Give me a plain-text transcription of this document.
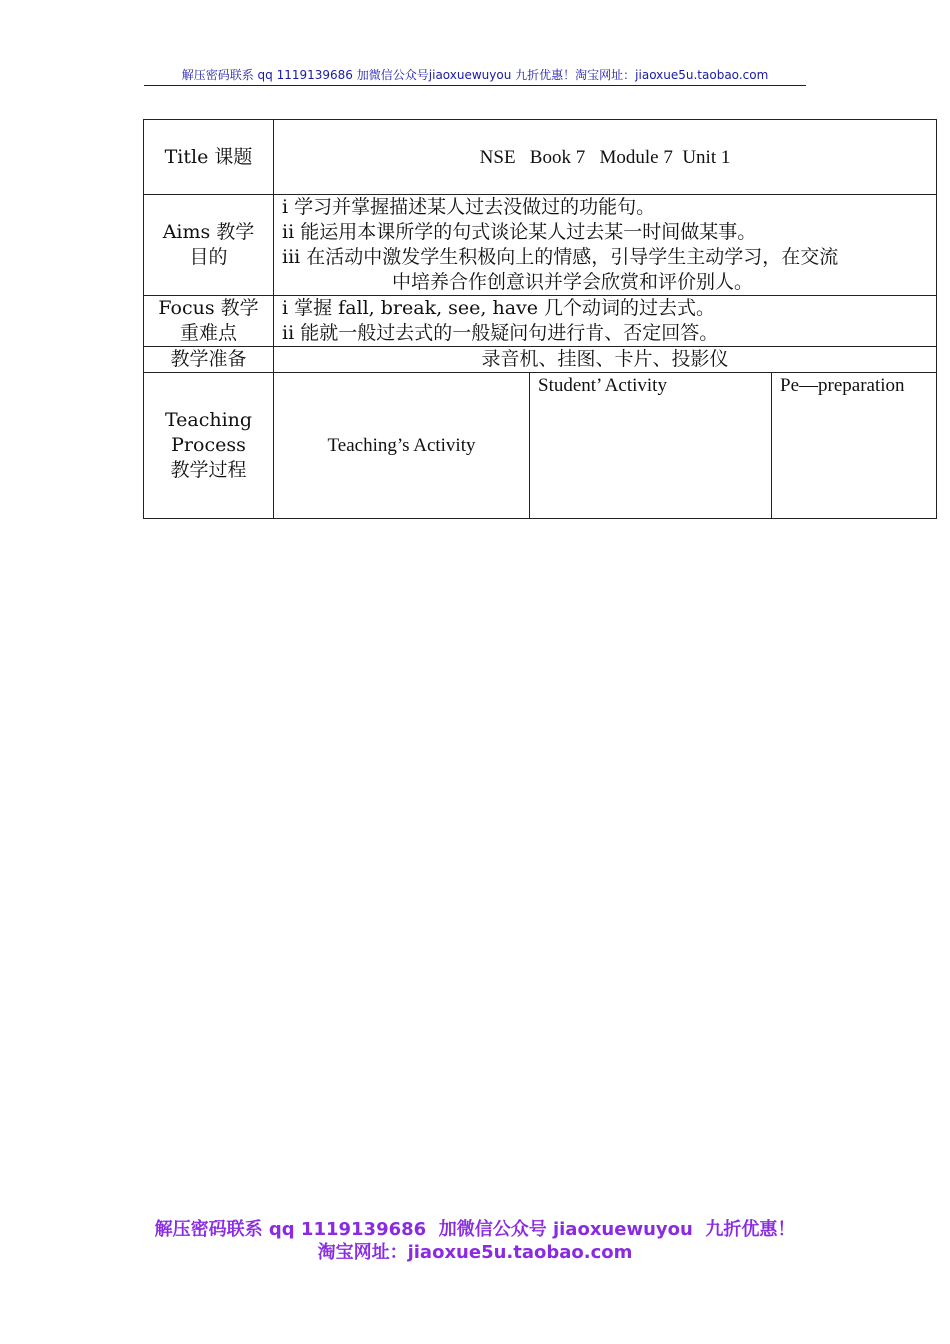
解压密码联系 qq 1119139686 加微信公众号jiaoxuewuyou 九折优惠！淘宝网址：jiaoxue5u.taobao.com
Title 课题	NSE   Book 7   Module 7  Unit 1		

Aims 教学
目的	i 学习并掌握描述某人过去没做过的功能句。
ii 能运用本课所学的句式谈论某人过去某一时间做某事。
iii 在活动中激发学生积极向上的情感，引导学生主动学习，在交流
中培养合作创意识并学会欣赏和评价别人。		

Focus 教学
重难点	i 掌握 fall, break, see, have 几个动词的过去式。
ii 能就一般过去式的一般疑问句进行肯、否定回答。		

教学准备	录音机、挂图、卡片、投影仪		

Teaching
Process
教学过程	Teaching’s Activity	Student’ Activity	Pe—preparation
解压密码联系 qq 1119139686  加微信公众号 jiaoxuewuyou  九折优惠！
淘宝网址：jiaoxue5u.taobao.com
